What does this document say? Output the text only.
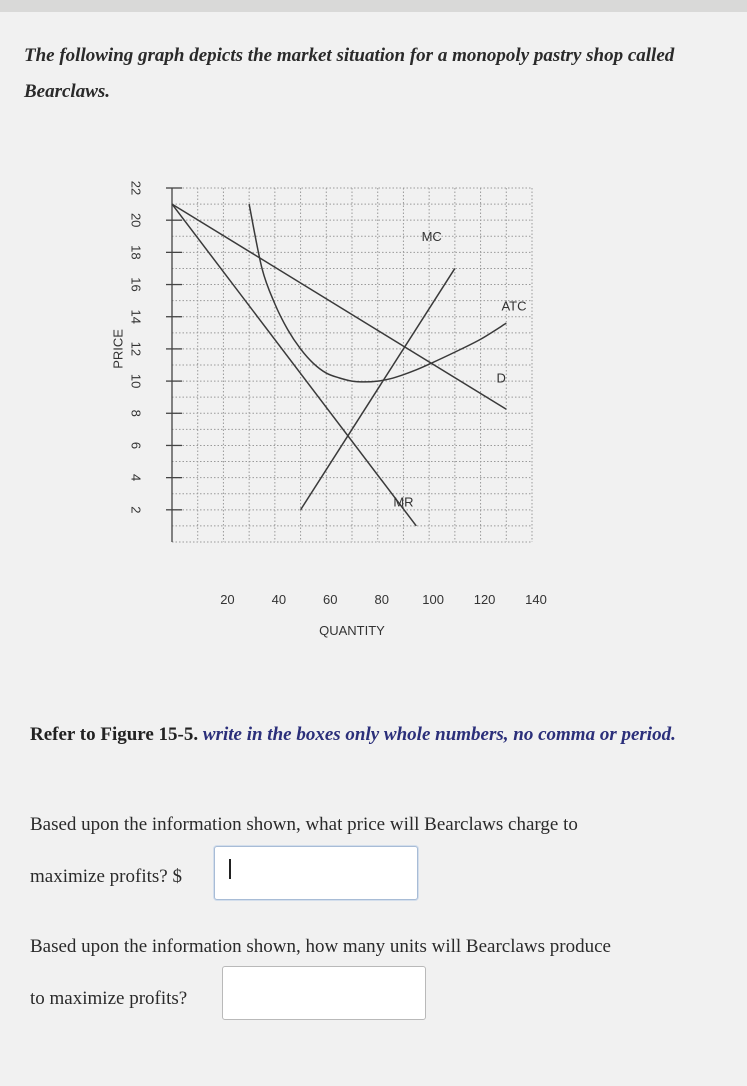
The following graph depicts the market situation for a monopoly pastry shop called Bearclaws.

2
4
6
8
10
12
14
16
18
20
22
PRICE
20	40	60	80	100 120 140
QUANTITY
D
MR
MC
ATC

Refer to Figure 15-5. write in the boxes only whole numbers, no comma or period.

Based upon the information shown, what price will Bearclaws charge to
maximize profits? $
Based upon the information shown, how many units will Bearclaws produce
to maximize profits?
